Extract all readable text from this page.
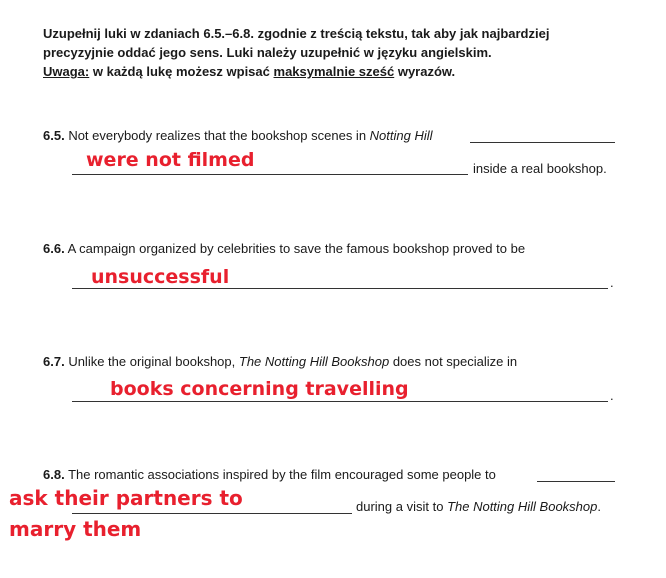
Uzupełnij luki w zdaniach 6.5.–6.8. zgodnie z treścią tekstu, tak aby jak najbardziej
precyzyjnie oddać jego sens. Luki należy uzupełnić w języku angielskim.
Uwaga: w każdą lukę możesz wpisać maksymalnie sześć wyrazów.
6.5. Not everybody realizes that the bookshop scenes in Notting Hill
were not filmed	inside a real bookshop.
6.6. A campaign organized by celebrities to save the famous bookshop proved to be
unsuccessful	.
6.7. Unlike the original bookshop, The Notting Hill Bookshop does not specialize in
books concerning travelling	.
6.8. The romantic associations inspired by the film encouraged some people to
ask their partners to	during a visit to The Notting Hill Bookshop.
marry them
